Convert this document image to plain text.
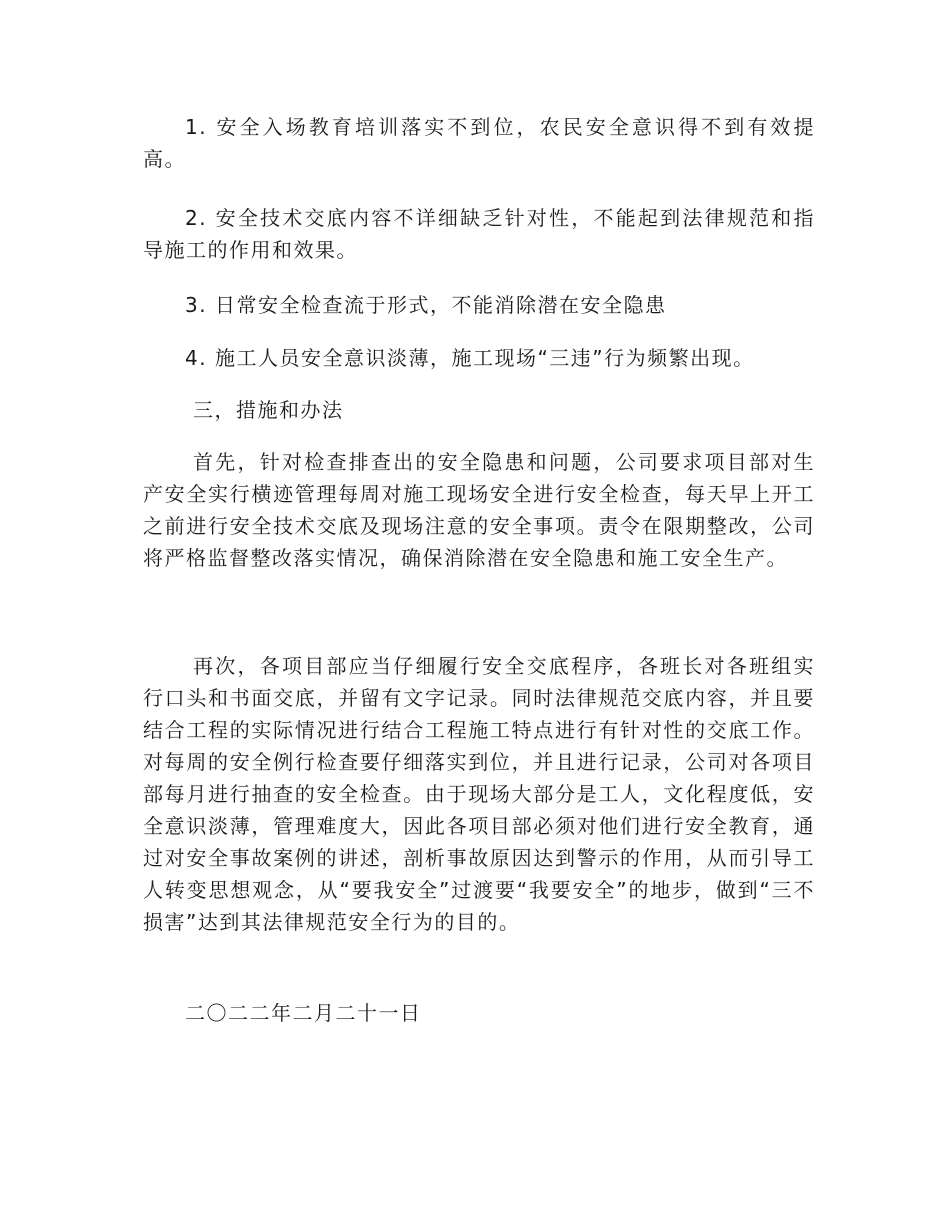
1. 安全入场教育培训落实不到位，农民安全意识得不到有效提高。

2. 安全技术交底内容不详细缺乏针对性，不能起到法律规范和指导施工的作用和效果。

3. 日常安全检查流于形式，不能消除潜在安全隐患

4. 施工人员安全意识淡薄，施工现场“三违”行为频繁出现。

三，措施和办法

首先，针对检查排查出的安全隐患和问题，公司要求项目部对生产安全实行横迹管理每周对施工现场安全进行安全检查，每天早上开工之前进行安全技术交底及现场注意的安全事项。责令在限期整改，公司将严格监督整改落实情况，确保消除潜在安全隐患和施工安全生产。

再次，各项目部应当仔细履行安全交底程序，各班长对各班组实行口头和书面交底，并留有文字记录。同时法律规范交底内容，并且要结合工程的实际情况进行结合工程施工特点进行有针对性的交底工作。对每周的安全例行检查要仔细落实到位，并且进行记录，公司对各项目部每月进行抽查的安全检查。由于现场大部分是工人，文化程度低，安全意识淡薄，管理难度大，因此各项目部必须对他们进行安全教育，通过对安全事故案例的讲述，剖析事故原因达到警示的作用，从而引导工人转变思想观念，从“要我安全”过渡要“我要安全”的地步，做到“三不损害”达到其法律规范安全行为的目的。

二〇二二年二月二十一日
